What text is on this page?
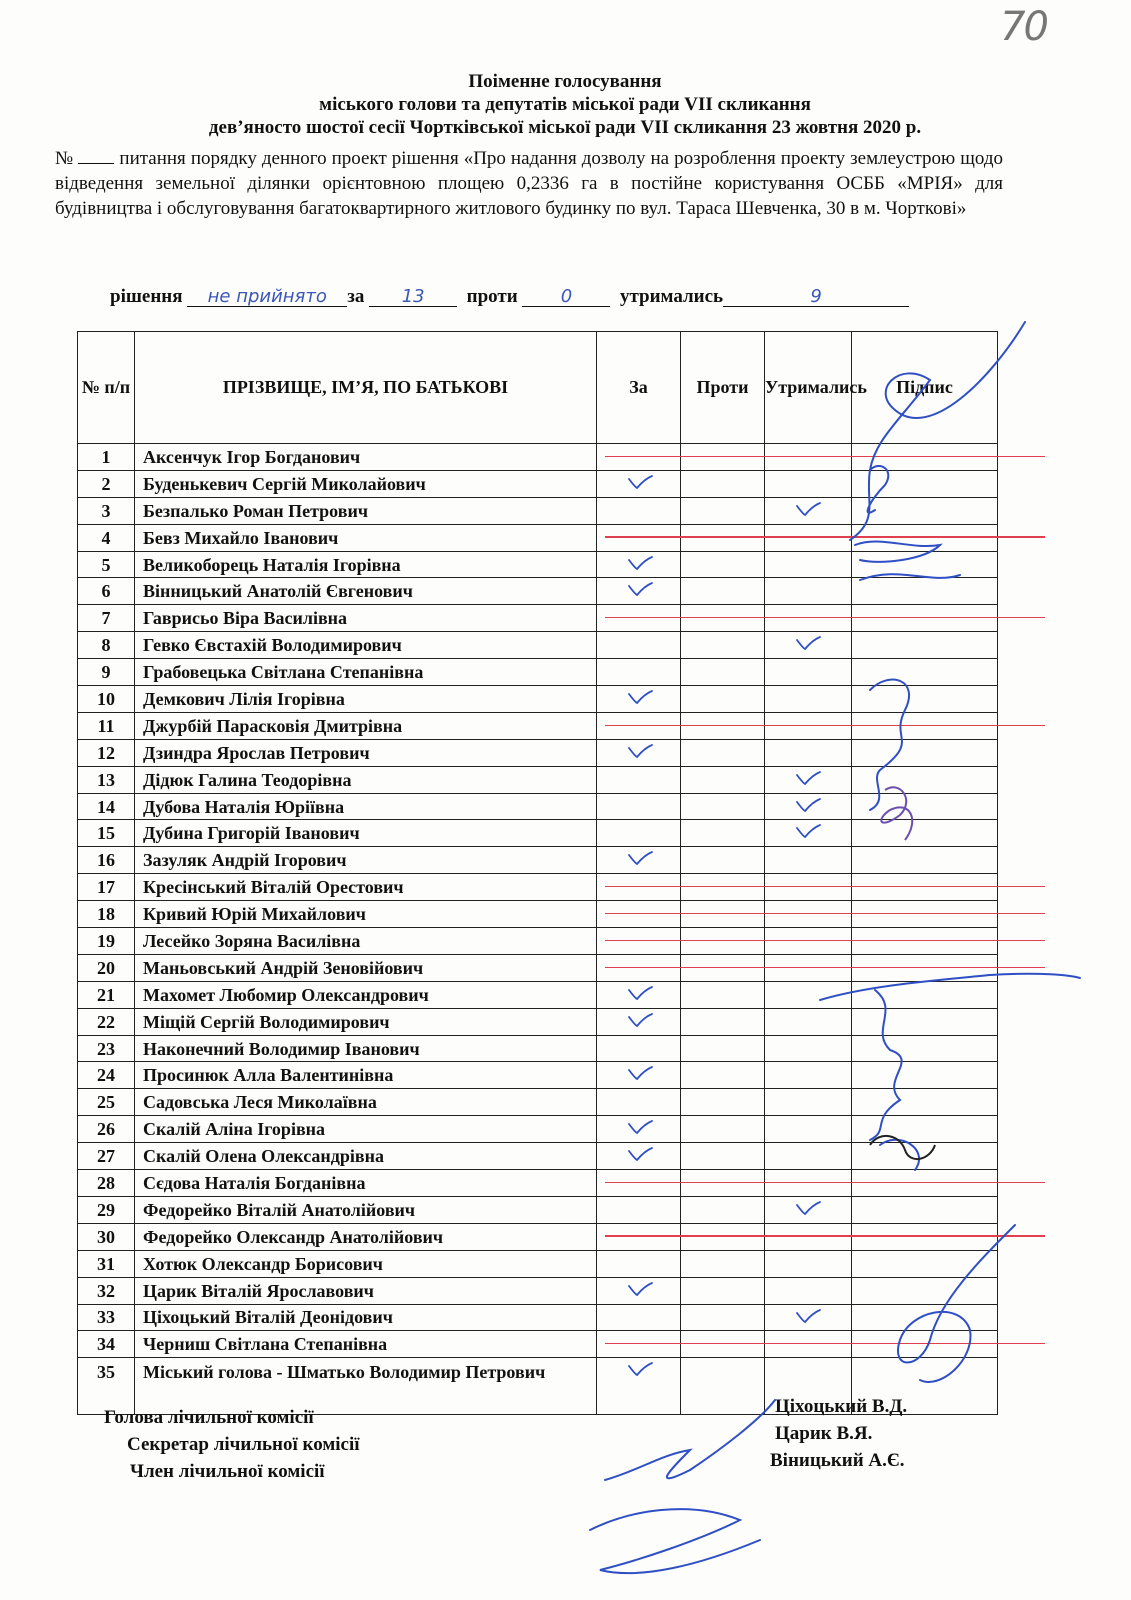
70
Поіменне голосування
міського голови та депутатів міської ради VII скликання
дев’яносто шостої сесії Чортківської міської ради VII скликання 23 жовтня 2020 р.
№ питання порядку денного проект рішення «Про надання дозволу на розроблення проекту землеустрою щодо відведення земельної ділянки орієнтовною площею 0,2336 га в постійне користування ОСББ «МРІЯ» для будівництва і обслуговування багатоквартирного житлового будинку по вул. Тараса Шевченка, 30 в м. Чорткові»
рішення не прийнято за 13 проти 0	утримались	9
№ п/п	ПРІЗВИЩЕ, ІМ’Я, ПО БАТЬКОВІ	За	Проти	Утримались	Підпис
1	Аксенчук Ігор Богданович				
2	Буденькевич Сергій Миколайович	

3	Безпалько Роман Петрович			

4	Бевз Михайло Іванович				
5	Великоборець Наталія Ігорівна	

6	Вінницький Анатолій Євгенович	

7	Гаврисьо Віра Василівна				
8	Гевко Євстахій Володимирович			

9	Грабовецька Світлана Степанівна				
10	Демкович Лілія Ігорівна	

11	Джурбій Парасковія Дмитрівна				
12	Дзиндра Ярослав Петрович	

13	Дідюк Галина Теодорівна			

14	Дубова Наталія Юріївна			

15	Дубина Григорій Іванович			

16	Зазуляк Андрій Ігорович	

17	Кресінський Віталій Орестович				
18	Кривий Юрій Михайлович				
19	Лесейко Зоряна Василівна				
20	Маньовський Андрій Зеновійович				
21	Махомет Любомир Олександрович	

22	Міщій Сергій Володимирович	

23	Наконечний Володимир Іванович				
24	Просинюк Алла Валентинівна	

25	Садовська Леся Миколаївна				
26	Скалій Аліна Ігорівна	

27	Скалій Олена Олександрівна	

28	Сєдова Наталія Богданівна				
29	Федорейко Віталій Анатолійович			

30	Федорейко Олександр Анатолійович				
31	Хотюк Олександр Борисович				
32	Царик Віталій Ярославович	

33	Ціхоцький Віталій Деонідович			

34	Черниш Світлана Степанівна				
35	Міський голова - Шматько Володимир Петрович	

Голова лічильної комісії
Секретар лічильної комісії
Член лічильної комісії
Ціхоцький В.Д.
Царик В.Я.
Віницький А.Є.
